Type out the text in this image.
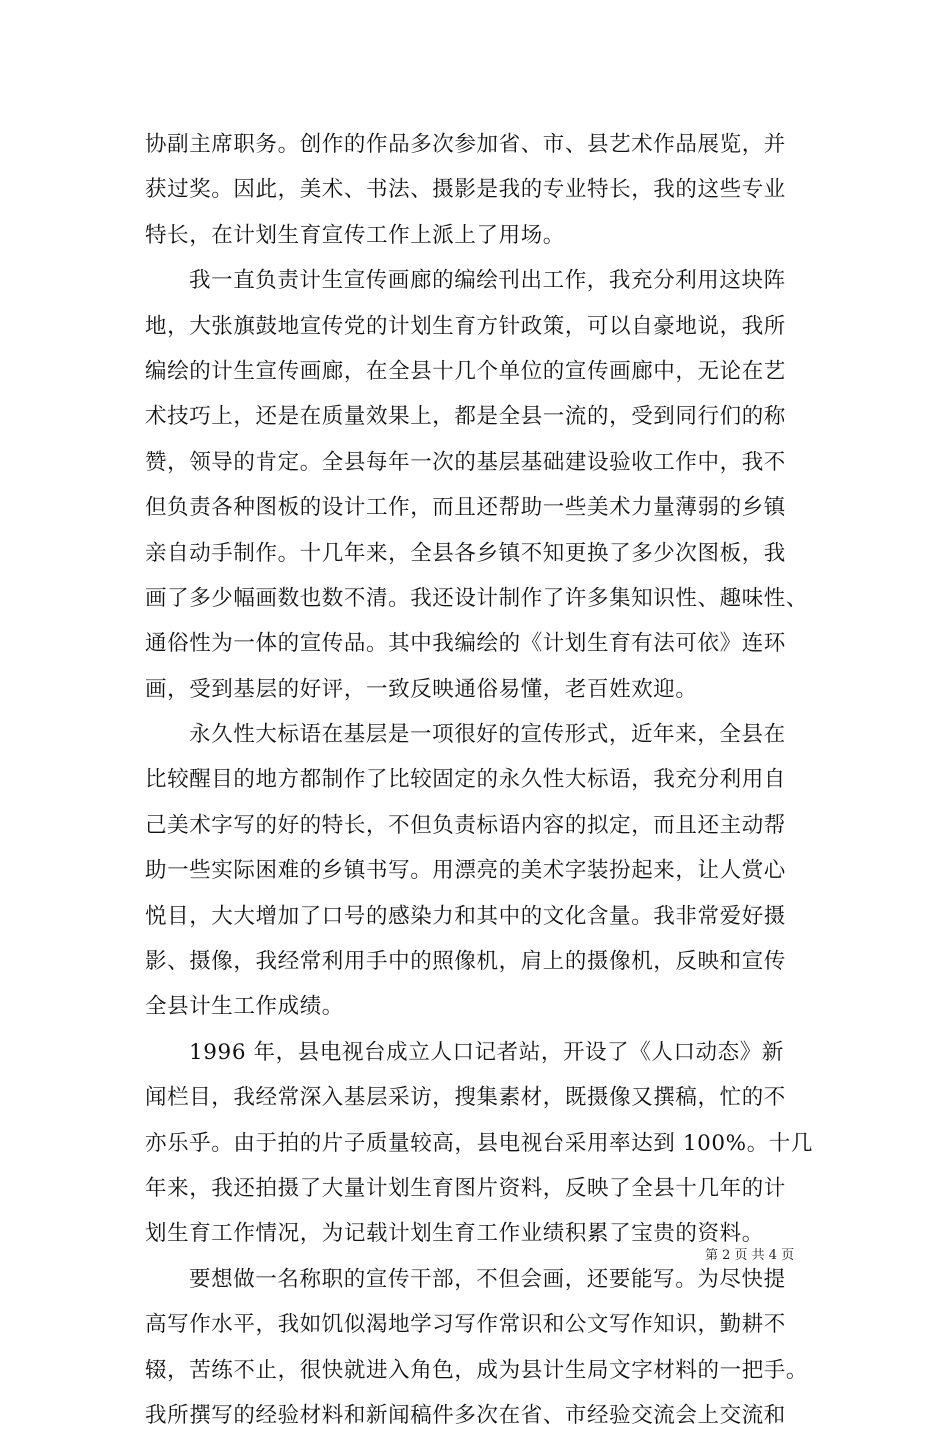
协副主席职务。创作的作品多次参加省、市、县艺术作品展览，并
获过奖。因此，美术、书法、摄影是我的专业特长，我的这些专业
特长，在计划生育宣传工作上派上了用场。
我一直负责计生宣传画廊的编绘刊出工作，我充分利用这块阵
地，大张旗鼓地宣传党的计划生育方针政策，可以自豪地说，我所
编绘的计生宣传画廊，在全县十几个单位的宣传画廊中，无论在艺
术技巧上，还是在质量效果上，都是全县一流的，受到同行们的称
赞，领导的肯定。全县每年一次的基层基础建设验收工作中，我不
但负责各种图板的设计工作，而且还帮助一些美术力量薄弱的乡镇
亲自动手制作。十几年来，全县各乡镇不知更换了多少次图板，我
画了多少幅画数也数不清。我还设计制作了许多集知识性、趣味性、
通俗性为一体的宣传品。其中我编绘的《计划生育有法可依》连环
画，受到基层的好评，一致反映通俗易懂，老百姓欢迎。
永久性大标语在基层是一项很好的宣传形式，近年来，全县在
比较醒目的地方都制作了比较固定的永久性大标语，我充分利用自
己美术字写的好的特长，不但负责标语内容的拟定，而且还主动帮
助一些实际困难的乡镇书写。用漂亮的美术字装扮起来，让人赏心
悦目，大大增加了口号的感染力和其中的文化含量。我非常爱好摄
影、摄像，我经常利用手中的照像机，肩上的摄像机，反映和宣传
全县计生工作成绩。
1996 年，县电视台成立人口记者站，开设了《人口动态》新
闻栏目，我经常深入基层采访，搜集素材，既摄像又撰稿，忙的不
亦乐乎。由于拍的片子质量较高，县电视台采用率达到 100%。十几
年来，我还拍摄了大量计划生育图片资料，反映了全县十几年的计
划生育工作情况，为记载计划生育工作业绩积累了宝贵的资料。
要想做一名称职的宣传干部，不但会画，还要能写。为尽快提
高写作水平，我如饥似渴地学习写作常识和公文写作知识，勤耕不
辍，苦练不止，很快就进入角色，成为县计生局文字材料的一把手。
我所撰写的经验材料和新闻稿件多次在省、市经验交流会上交流和
第 2 页 共 4 页
